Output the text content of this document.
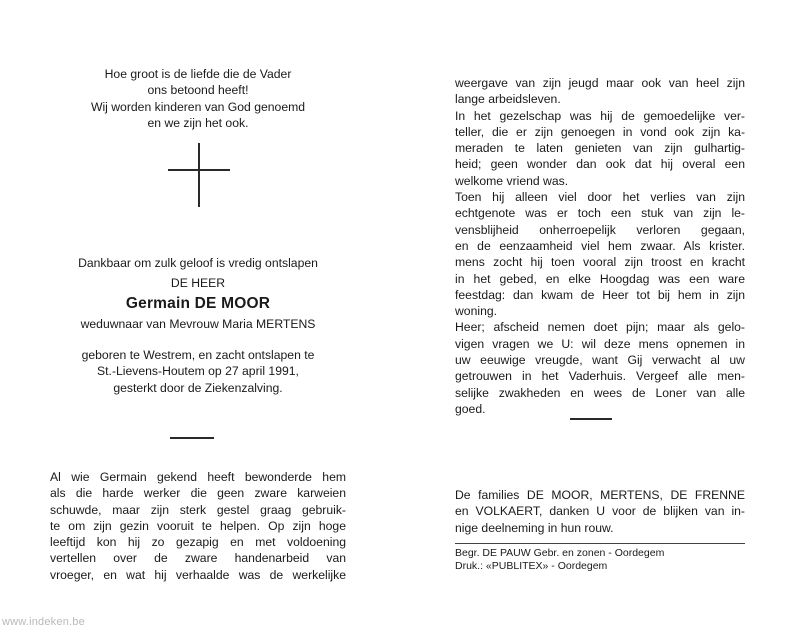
Hoe groot is de liefde die de Vader
ons betoond heeft!
Wij worden kinderen van God genoemd
en we zijn het ook.
Dankbaar om zulk geloof is vredig ontslapen
DE HEER
Germain DE MOOR
weduwnaar van Mevrouw Maria MERTENS
geboren te Westrem, en zacht ontslapen te
St.-Lievens-Houtem op 27 april 1991,
gesterkt door de Ziekenzalving.
Al wie Germain gekend heeft bewonderde hem
als die harde werker die geen zware karweien
schuwde, maar zijn sterk gestel graag gebruik-
te om zijn gezin vooruit te helpen. Op zijn hoge
leeftijd kon hij zo gezapig en met voldoening
vertellen over de zware handenarbeid van
vroeger, en wat hij verhaalde was de werkelijke
weergave van zijn jeugd maar ook van heel zijn
lange arbeidsleven.
In het gezelschap was hij de gemoedelijke ver-
teller, die er zijn genoegen in vond ook zijn ka-
meraden te laten genieten van zijn gulhartig-
heid; geen wonder dan ook dat hij overal een
welkome vriend was.
Toen hij alleen viel door het verlies van zijn
echtgenote was er toch een stuk van zijn le-
vensblijheid onherroepelijk verloren gegaan,
en de eenzaamheid viel hem zwaar. Als krister.
mens zocht hij toen vooral zijn troost en kracht
in het gebed, en elke Hoogdag was een ware
feestdag: dan kwam de Heer tot bij hem in zijn
woning.
Heer; afscheid nemen doet pijn; maar als gelo-
vigen vragen we U: wil deze mens opnemen in
uw eeuwige vreugde, want Gij verwacht al uw
getrouwen in het Vaderhuis. Vergeef alle men-
selijke zwakheden en wees de Loner van alle
goed.
De families DE MOOR, MERTENS, DE FRENNE
en VOLKAERT, danken U voor de blijken van in-
nige deelneming in hun rouw.
Begr. DE PAUW Gebr. en zonen - Oordegem
Druk.: «PUBLITEX» - Oordegem
www.indeken.be
